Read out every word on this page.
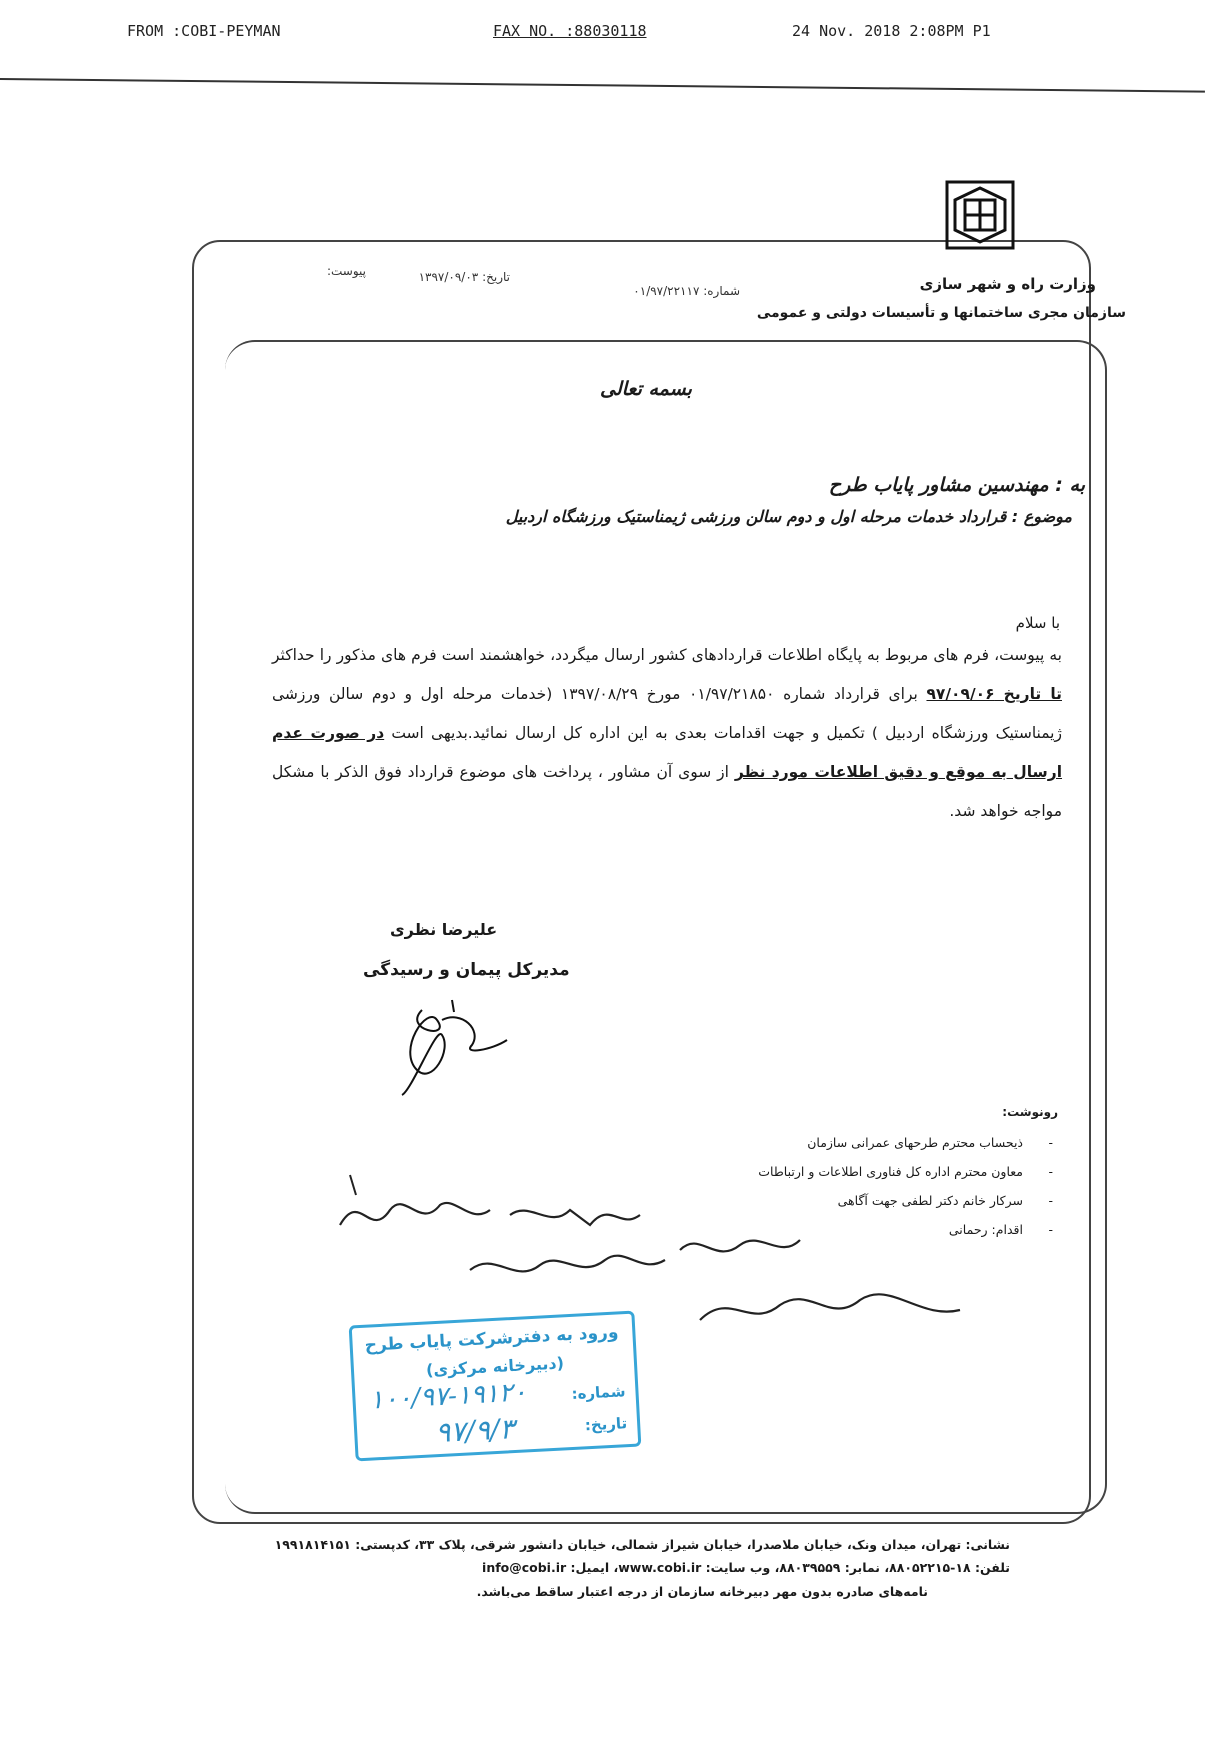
FROM :COBI-PEYMAN	FAX NO. :88030118	24 Nov. 2018 2:08PM P1
وزارت راه و شهر سازی
سازمان مجری ساختمانها و تأسیسات دولتی و عمومی
تاریخ: ۱۳۹۷/۰۹/۰۳
شماره: ۰۱/۹۷/۲۲۱۱۷
پیوست:
بسمه تعالی
به : مهندسین مشاور پایاب طرح
موضوع : قرارداد خدمات مرحله اول و دوم سالن ورزشی ژیمناستیک ورزشگاه اردبیل
با سلام
به پیوست، فرم های مربوط به پایگاه اطلاعات قراردادهای کشور ارسال میگردد، خواهشمند است فرم های مذکور را حداکثر تا تاریخ ۹۷/۰۹/۰۶ برای قرارداد شماره ۰۱/۹۷/۲۱۸۵۰ مورخ ۱۳۹۷/۰۸/۲۹ (خدمات مرحله اول و دوم سالن ورزشی ژیمناستیک ورزشگاه اردبیل ) تکمیل و جهت اقدامات بعدی به این اداره کل ارسال نمائید.بدیهی است در صورت عدم ارسال به موقع و دقیق اطلاعات مورد نظر از سوی آن مشاور ، پرداخت های موضوع قرارداد فوق الذکر با مشکل مواجه خواهد شد.
علیرضا نظری
مدیرکل پیمان و رسیدگی
رونوشت:
ذیحساب محترم طرحهای عمرانی سازمان -
معاون محترم اداره کل فناوری اطلاعات و ارتباطات -
سرکار خانم دکتر لطفی جهت آگاهی -
اقدام: رحمانی -
ورود به دفترشرکت پایاب طرح
(دبیرخانه مرکزی)
شماره:
تاریخ:
۱۰۰/۹۷-۱۹۱۲۰
۹۷/۹/۳
نشانی: تهران، میدان ونک، خیابان ملاصدرا، خیابان شیراز شمالی، خیابان دانشور شرقی، پلاک ۳۳، کدپستی: ۱۹۹۱۸۱۴۱۵۱
تلفن: ۱۸-۸۸۰۵۲۲۱۵، نمابر: ۸۸۰۳۹۵۵۹، وب سایت: www.cobi.ir، ایمیل: info@cobi.ir
نامه‌های صادره بدون مهر دبیرخانه سازمان از درجه اعتبار ساقط می‌باشد.
